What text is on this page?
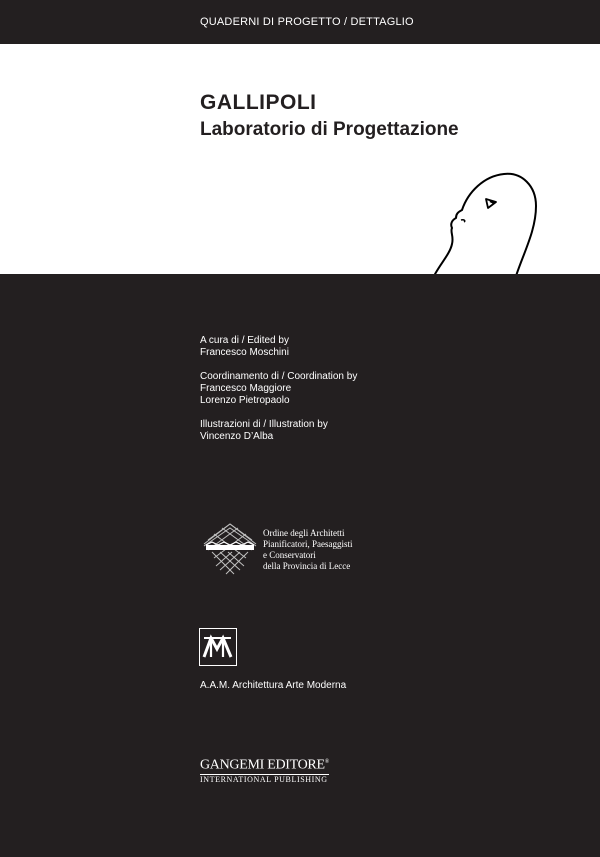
QUADERNI DI PROGETTO / DETTAGLIO
GALLIPOLI
Laboratorio di Progettazione
A cura di / Edited by
Francesco Moschini
Coordinamento di / Coordination by
Francesco Maggiore
Lorenzo Pietropaolo
Illustrazioni di / Illustration by
Vincenzo D’Alba
Ordine degli Architetti
Pianificatori, Paesaggisti
e Conservatori
della Provincia di Lecce
A.A.M. Architettura Arte Moderna
GANGEMI EDITORE®
INTERNATIONAL PUBLISHING
